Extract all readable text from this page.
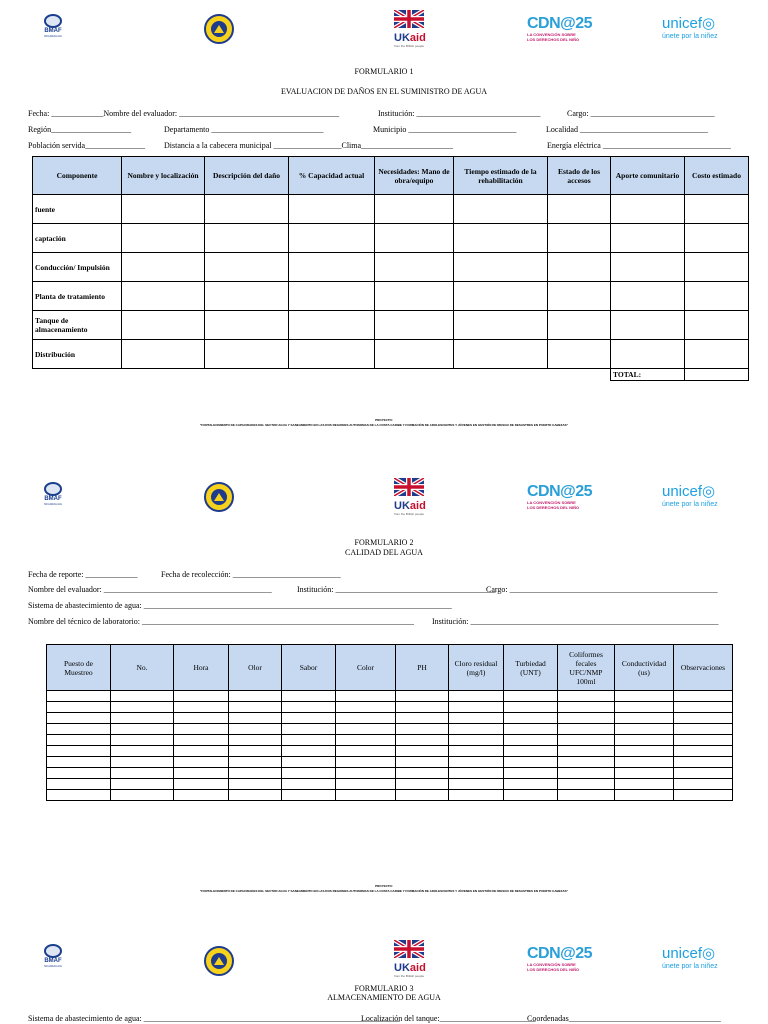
BMAF
NICARAGUA	UKaid
from the British people
CDN@25
LA CONVENCIÓN SOBRE
LOS DERECHOS DEL NIÑO
unicef◎
únete por la niñez
FORMULARIO 1
EVALUACION DE DAÑOS EN EL SUMINISTRO DE AGUA
Fecha: _____________Nombre del evaluador: ________________________________________	Institución: _______________________________	Cargo: _______________________________
Región____________________	Departamento ____________________________	Municipio ___________________________	Localidad ________________________________
Población servida_______________ Distancia a la cabecera municipal _________________Clima_______________________	Energía eléctrica ________________________________
Componente	Nombre y localización	Descripción del daño	% Capacidad actual	Necesidades: Mano de obra/equipo	Tiempo estimado de la rehabilitación	Estado de los accesos	Aporte comunitario	Costo estimado
fuente								
captación								
Conducción/ Impulsión								
Planta de tratamiento								
Tanque de almacenamiento								
Distribución								
							TOTAL:	
PROYECTO:
"FORTALECIMIENTO DE CAPACIDADES DEL SECTOR AGUA Y SANEAMIENTO EN LAS DOS REGIONES AUTONOMAS DE LA COSTA CARIBE Y FORMACIÓN DE ADOLESCENTES Y JÓVENES EN GESTIÓN DE RIESGO DE DESASTRES EN PUERTO CABEZAS"
BMAF
NICARAGUA	UKaid
from the British people
CDN@25
LA CONVENCIÓN SOBRE
LOS DERECHOS DEL NIÑO
unicef◎
únete por la niñez
FORMULARIO 2
CALIDAD DEL AGUA
Fecha de reporte: _____________	Fecha de recolección: ___________________________
Nombre del evaluador: __________________________________________	Institución: ________________________________________
Cargo: ____________________________________________________
Sistema de abastecimiento de agua: _____________________________________________________________________________
Nombre del técnico de laboratorio: ____________________________________________________________________ Institución: ______________________________________________________________
Puesto de Muestreo	No.	Hora	Olor	Sabor	Color	PH	Cloro residual (mg/l)	Turbiedad (UNT)	Coliformes fecales UFC/NMP 100ml	Conductividad (us)	Observaciones

PROYECTO:
"FORTALECIMIENTO DE CAPACIDADES DEL SECTOR AGUA Y SANEAMIENTO EN LAS DOS REGIONES AUTONOMAS DE LA COSTA CARIBE Y FORMACIÓN DE ADOLESCENTES Y JÓVENES EN GESTIÓN DE RIESGO DE DESASTRES EN PUERTO CABEZAS"
BMAF
NICARAGUA	UKaid
from the British people
CDN@25
LA CONVENCIÓN SOBRE
LOS DERECHOS DEL NIÑO
unicef◎
únete por la niñez
FORMULARIO 3
ALMACENAMIENTO DE AGUA
Sistema de abastecimiento de agua: ________________________________________________________________
Localización del tanque:________________________
Coordenadas______________________________________
